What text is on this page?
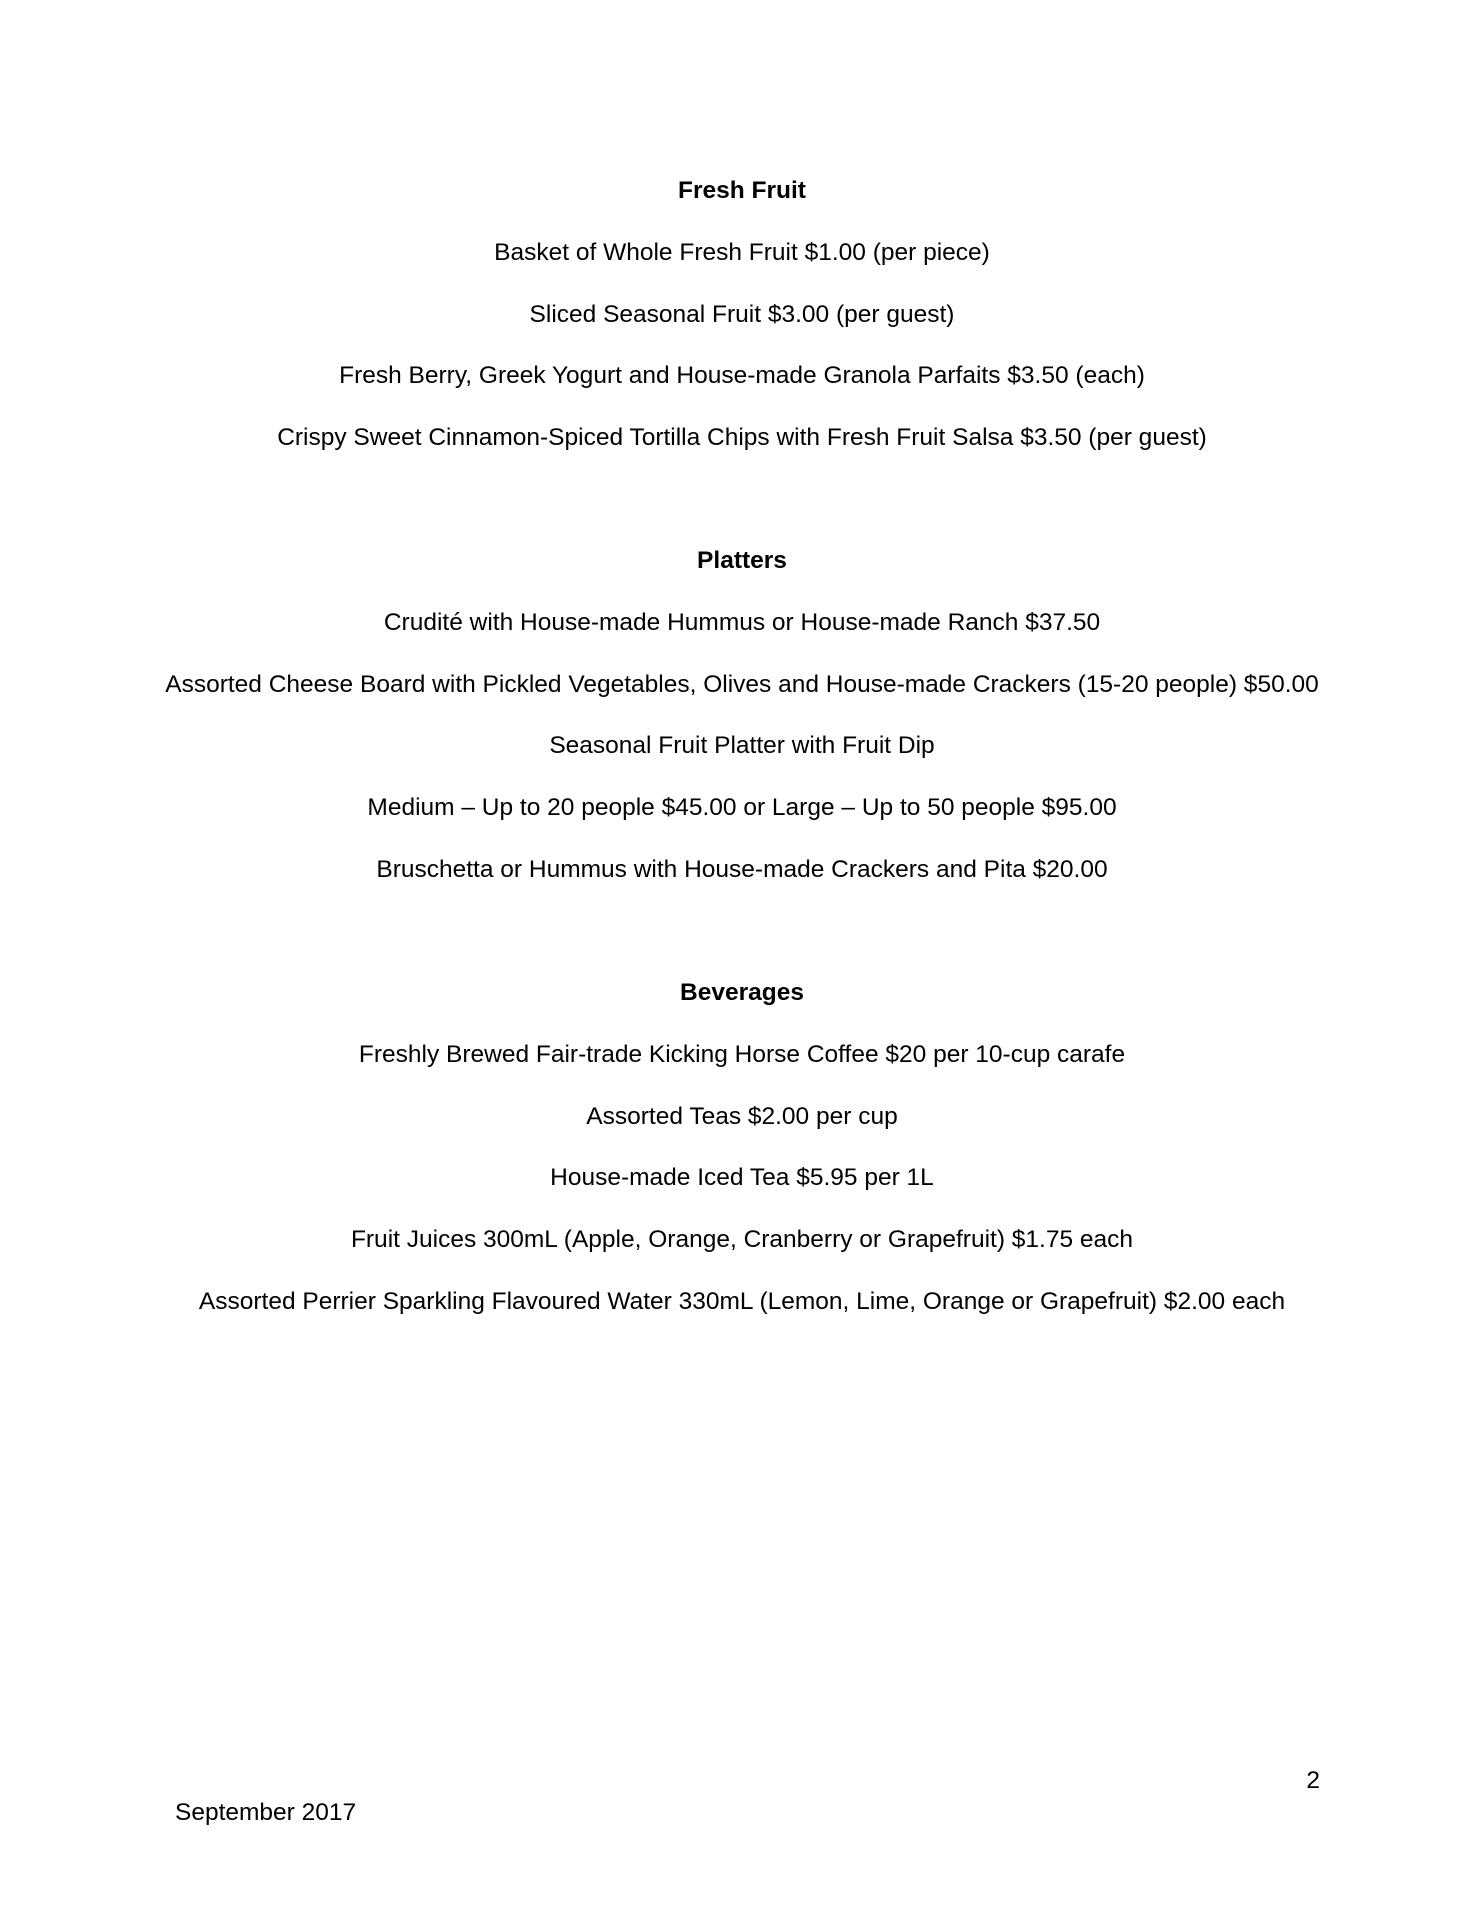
Fresh Fruit
Basket of Whole Fresh Fruit $1.00 (per piece)
Sliced Seasonal Fruit $3.00 (per guest)
Fresh Berry, Greek Yogurt and House-made Granola Parfaits $3.50 (each)
Crispy Sweet Cinnamon-Spiced Tortilla Chips with Fresh Fruit Salsa $3.50 (per guest)
Platters
Crudité with House-made Hummus or House-made Ranch $37.50
Assorted Cheese Board with Pickled Vegetables, Olives and House-made Crackers (15-20 people) $50.00
Seasonal Fruit Platter with Fruit Dip
Medium – Up to 20 people $45.00 or Large – Up to 50 people $95.00
Bruschetta or Hummus with House-made Crackers and Pita $20.00
Beverages
Freshly Brewed Fair-trade Kicking Horse Coffee $20 per 10-cup carafe
Assorted Teas $2.00 per cup
House-made Iced Tea $5.95 per 1L
Fruit Juices 300mL (Apple, Orange, Cranberry or Grapefruit) $1.75 each
Assorted Perrier Sparkling Flavoured Water 330mL (Lemon, Lime, Orange or Grapefruit) $2.00 each
2
September 2017
